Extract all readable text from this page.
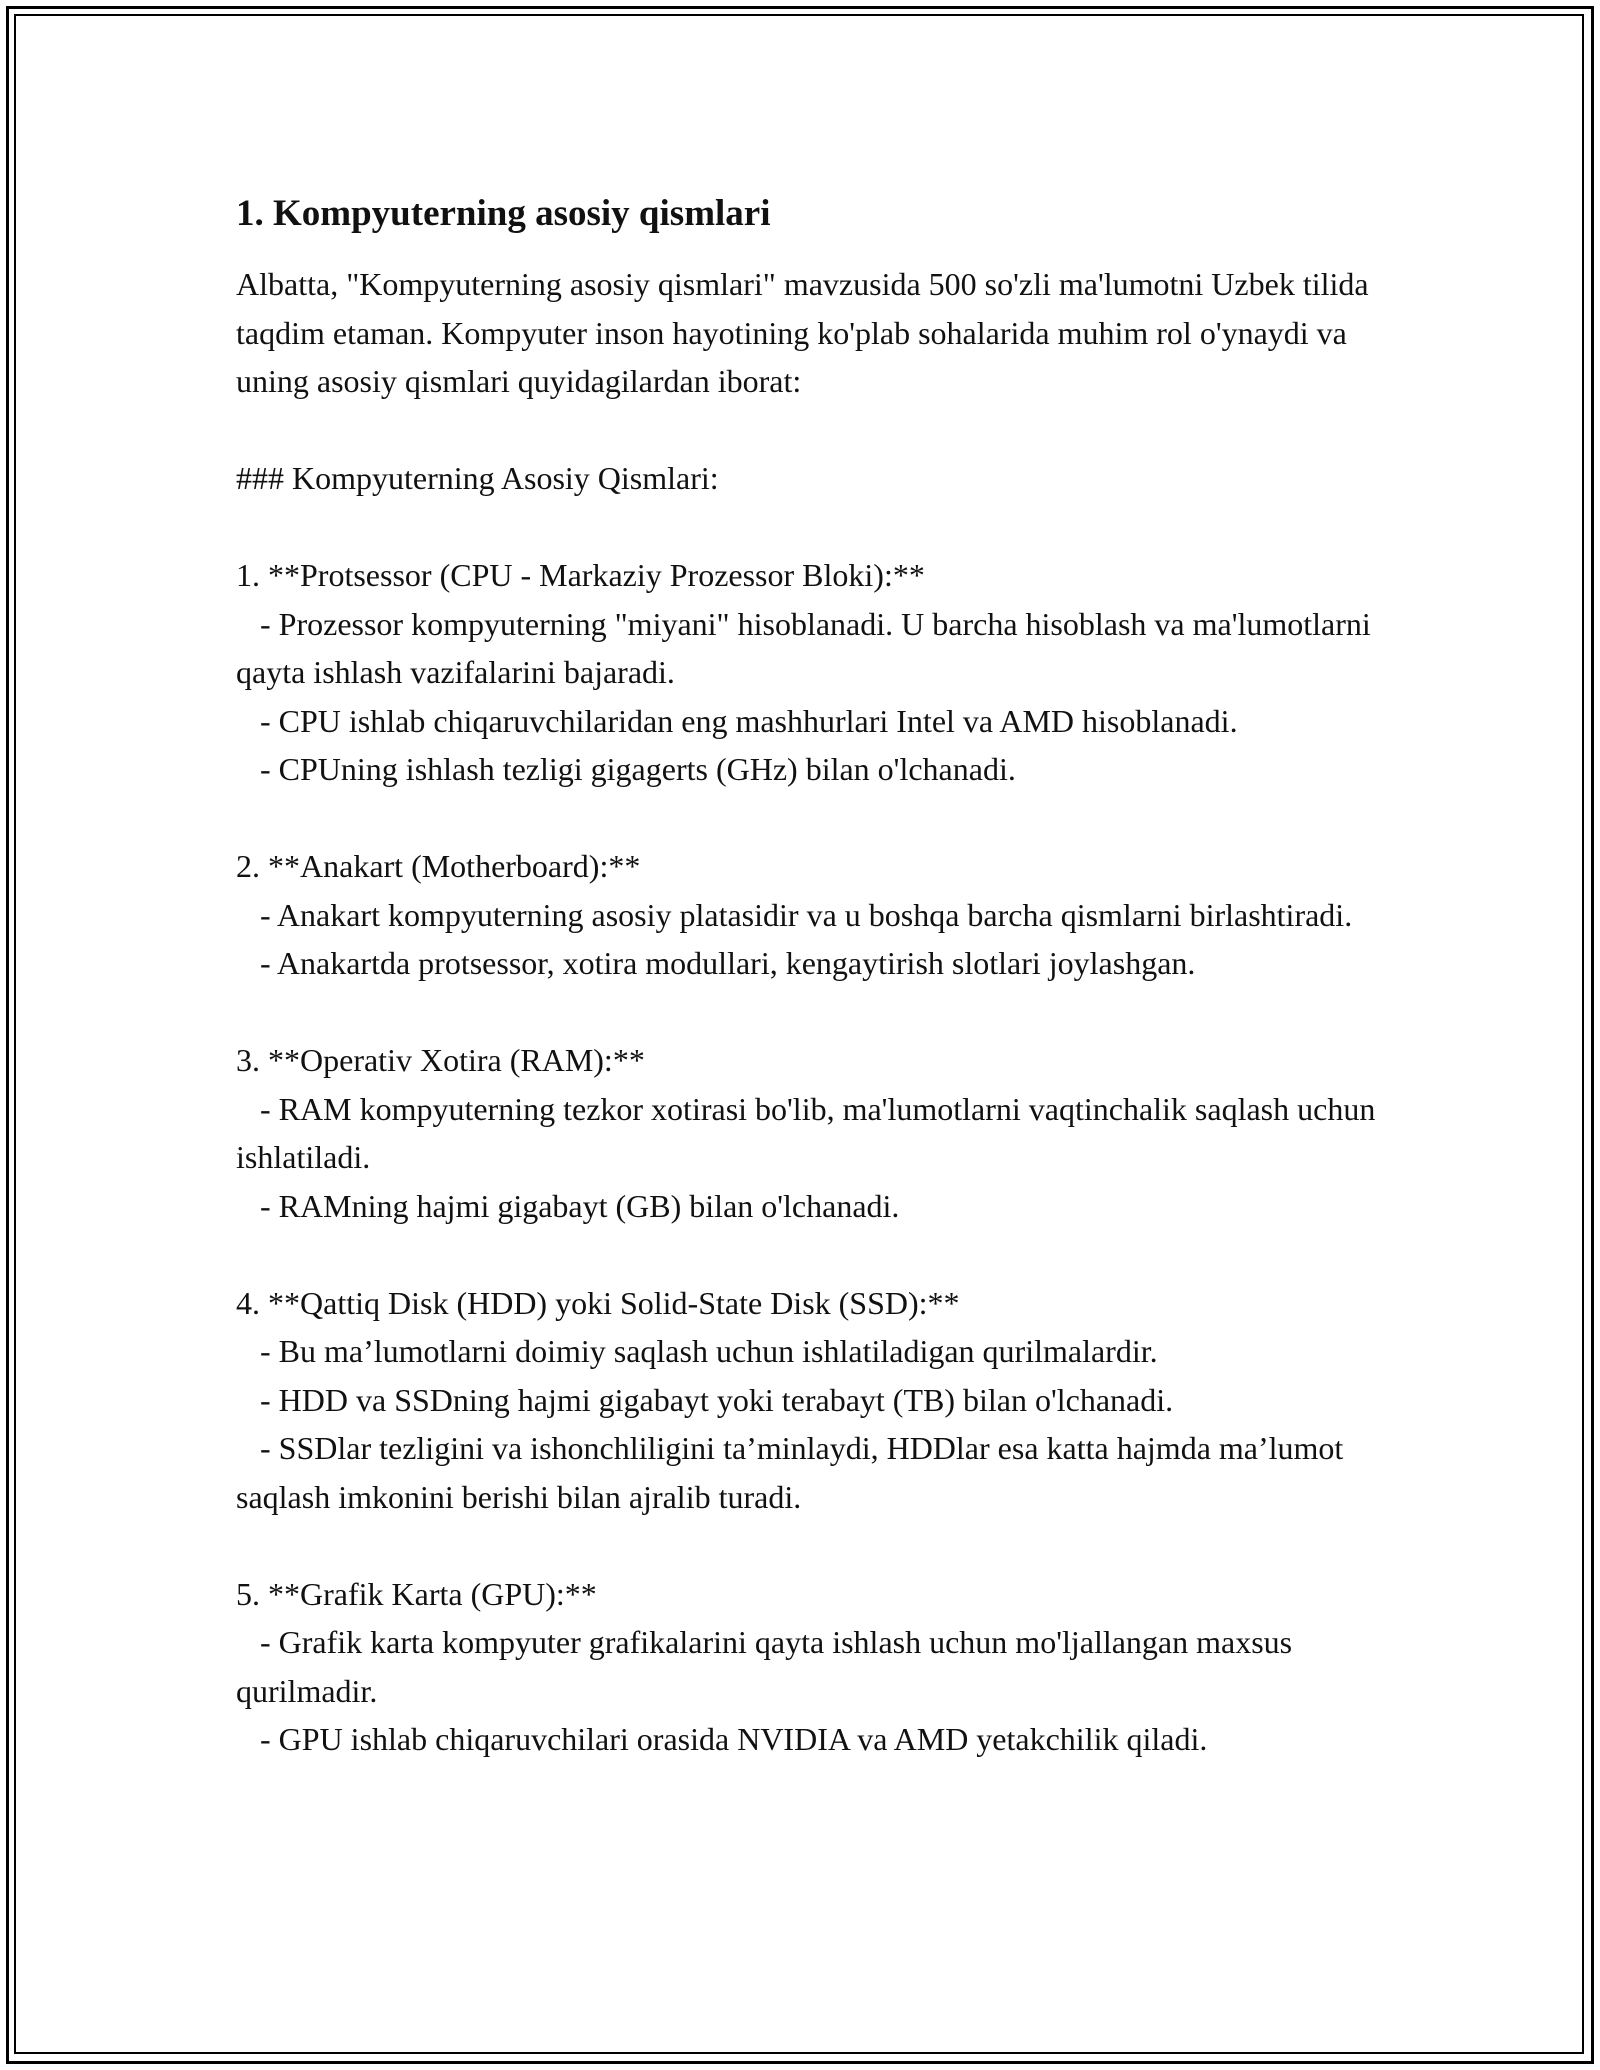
1. Kompyuterning asosiy qismlari

Albatta, "Kompyuterning asosiy qismlari" mavzusida 500 so'zli ma'lumotni Uzbek tilida taqdim etaman. Kompyuter inson hayotining ko'plab sohalarida muhim rol o'ynaydi va uning asosiy qismlari quyidagilardan iborat:

### Kompyuterning Asosiy Qismlari:

1. **Protsessor (CPU - Markaziy Prozessor Bloki):**

- Prozessor kompyuterning "miyani" hisoblanadi. U barcha hisoblash va ma'lumotlarni qayta ishlash vazifalarini bajaradi.

- CPU ishlab chiqaruvchilaridan eng mashhurlari Intel va AMD hisoblanadi.

- CPUning ishlash tezligi gigagerts (GHz) bilan o'lchanadi.

2. **Anakart (Motherboard):**

- Anakart kompyuterning asosiy platasidir va u boshqa barcha qismlarni birlashtiradi.

- Anakartda protsessor, xotira modullari, kengaytirish slotlari joylashgan.

3. **Operativ Xotira (RAM):**

- RAM kompyuterning tezkor xotirasi bo'lib, ma'lumotlarni vaqtinchalik saqlash uchun ishlatiladi.

- RAMning hajmi gigabayt (GB) bilan o'lchanadi.

4. **Qattiq Disk (HDD) yoki Solid-State Disk (SSD):**

- Bu ma’lumotlarni doimiy saqlash uchun ishlatiladigan qurilmalardir.

- HDD va SSDning hajmi gigabayt yoki terabayt (TB) bilan o'lchanadi.

- SSDlar tezligini va ishonchliligini ta’minlaydi, HDDlar esa katta hajmda ma’lumot saqlash imkonini berishi bilan ajralib turadi.

5. **Grafik Karta (GPU):**

- Grafik karta kompyuter grafikalarini qayta ishlash uchun mo'ljallangan maxsus qurilmadir.

- GPU ishlab chiqaruvchilari orasida NVIDIA va AMD yetakchilik qiladi.
